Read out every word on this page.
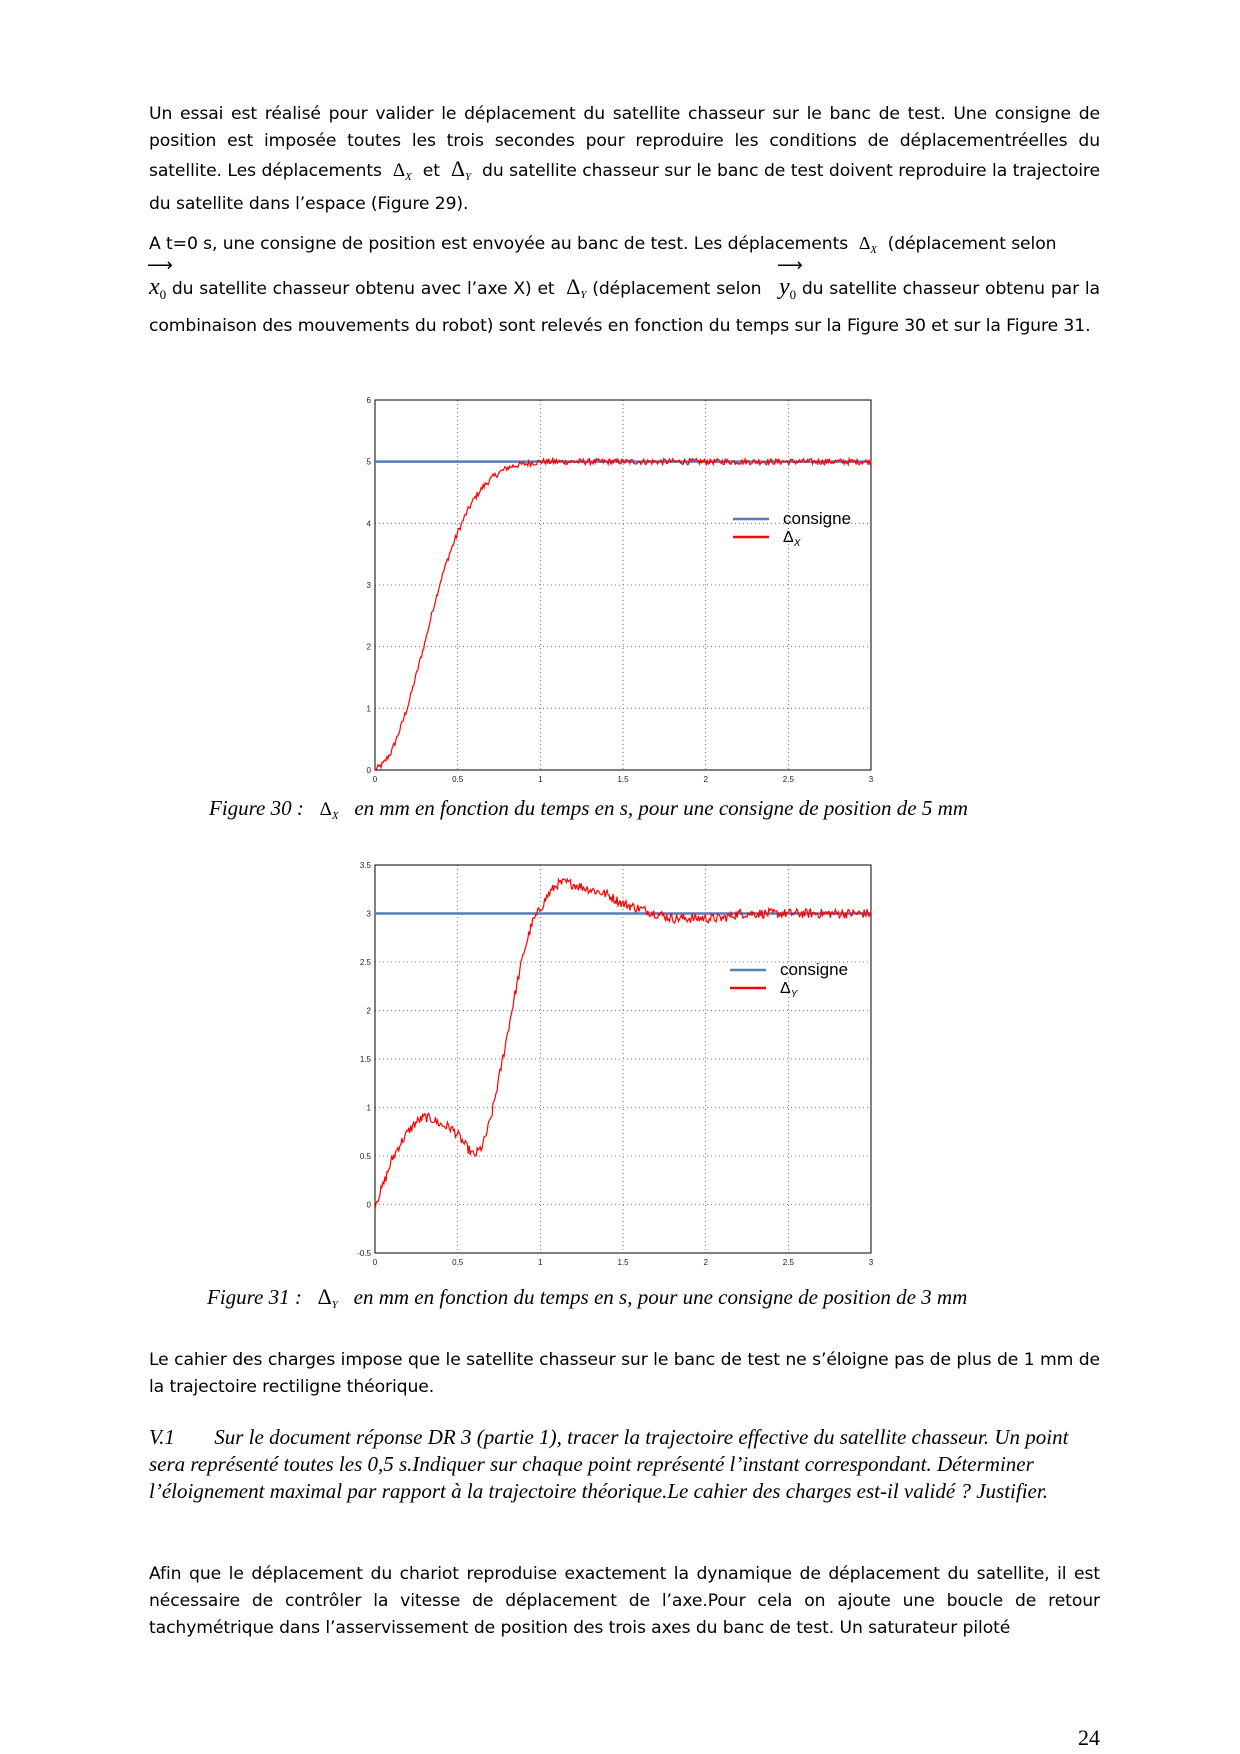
Un essai est réalisé pour valider le déplacement du satellite chasseur sur le banc de test. Une consigne de position est imposée toutes les trois secondes pour reproduire les conditions de déplacementréelles du satellite. Les déplacements $\Delta_X$ et $\Delta_Y$ du satellite chasseur sur le banc de test doivent reproduire la trajectoire du satellite dans l’espace (Figure 29).
A t=0 s, une consigne de position est envoyée au banc de test. Les déplacements $\Delta_X$ (déplacement selon

⟶
$x_0$ du satellite chasseur obtenu avec l’axe X) et $\Delta_Y$ (déplacement selon
⟶
$y_0$ du satellite chasseur obtenu par la combinaison des mouvements du robot) sont relevés en fonction du temps sur la Figure 30 et sur la Figure 31.
0	0.5	1	1.5	2	2.5	3
0
1
2
3
4
5
6
consigne
$\Delta_X$
Figure 30 : $\Delta_X$ en mm en fonction du temps en s, pour une consigne de position de 5 mm
0	0.5	1	1.5	2	2.5	3
-0.5
0
0.5
1
1.5
2
2.5
3
3.5
consigne
$\Delta_Y$
Figure 31 : $\Delta_Y$ en mm en fonction du temps en s, pour une consigne de position de 3 mm
Le cahier des charges impose que le satellite chasseur sur le banc de test ne s’éloigne pas de plus de 1 mm de la trajectoire rectiligne théorique.
V.1 Sur le document réponse DR 3 (partie 1), tracer la trajectoire effective du satellite chasseur. Un point sera représenté toutes les 0,5 s.Indiquer sur chaque point représenté l’instant correspondant. Déterminer l’éloignement maximal par rapport à la trajectoire théorique.Le cahier des charges est-il validé ? Justifier.
Afin que le déplacement du chariot reproduise exactement la dynamique de déplacement du satellite, il est nécessaire de contrôler la vitesse de déplacement de l’axe.Pour cela on ajoute une boucle de retour tachymétrique dans l’asservissement de position des trois axes du banc de test. Un saturateur piloté
24
